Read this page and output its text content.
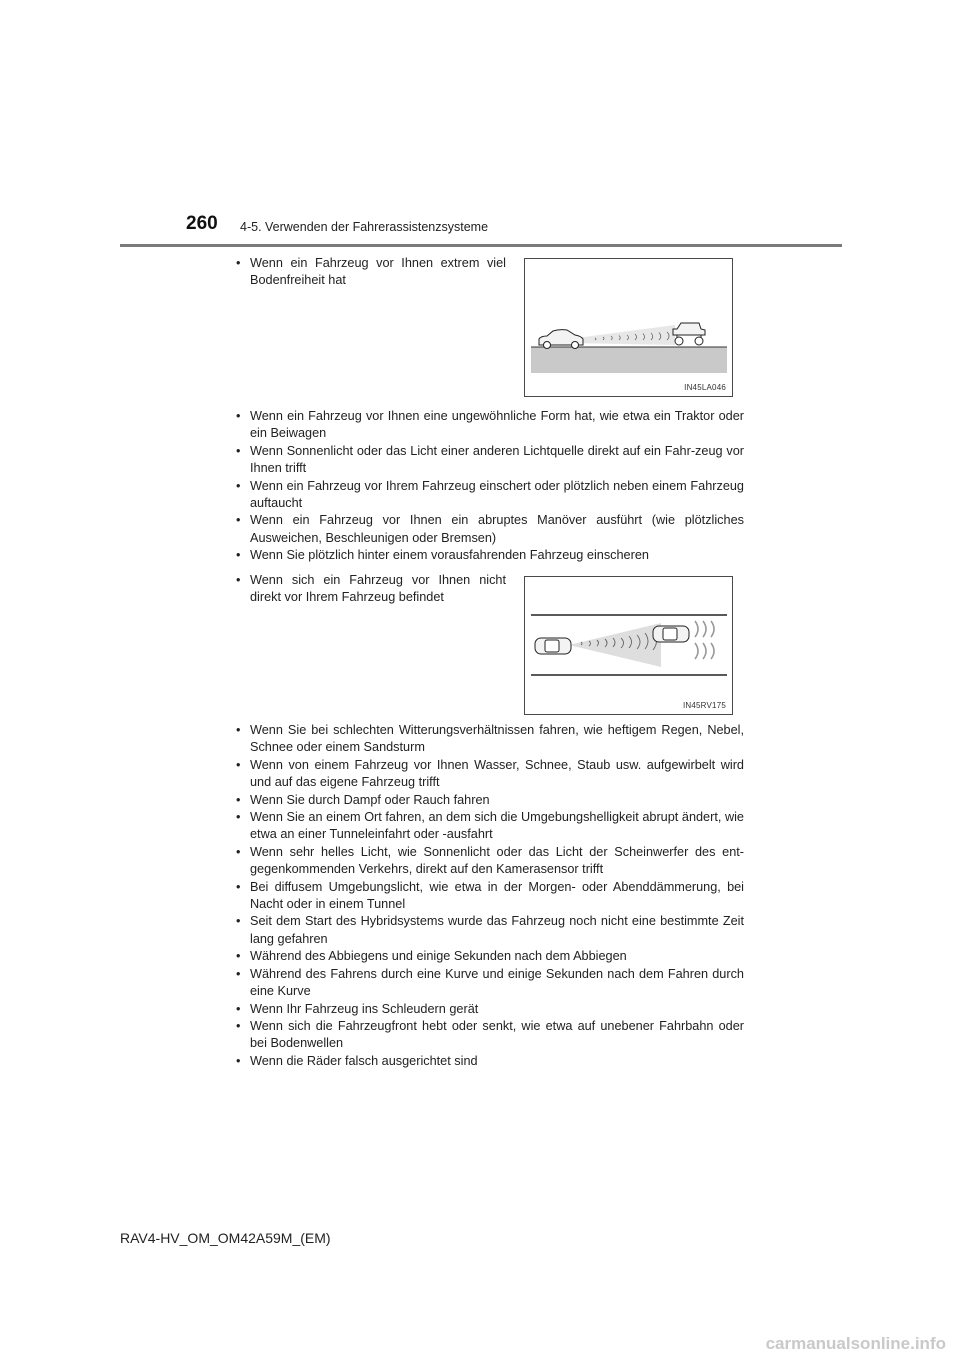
260 4-5. Verwenden der Fahrerassistenzsysteme
• Wenn ein Fahrzeug vor Ihnen extrem viel Bodenfreiheit hat
IN45LA046
• Wenn ein Fahrzeug vor Ihnen eine ungewöhnliche Form hat, wie etwa ein Traktor oder ein Beiwagen
• Wenn Sonnenlicht oder das Licht einer anderen Lichtquelle direkt auf ein Fahr-zeug vor Ihnen trifft
• Wenn ein Fahrzeug vor Ihrem Fahrzeug einschert oder plötzlich neben einem Fahrzeug auftaucht
• Wenn ein Fahrzeug vor Ihnen ein abruptes Manöver ausführt (wie plötzliches Ausweichen, Beschleunigen oder Bremsen)
• Wenn Sie plötzlich hinter einem vorausfahrenden Fahrzeug einscheren
• Wenn sich ein Fahrzeug vor Ihnen nicht direkt vor Ihrem Fahrzeug befindet
IN45RV175
• Wenn Sie bei schlechten Witterungsverhältnissen fahren, wie heftigem Regen, Nebel, Schnee oder einem Sandsturm
• Wenn von einem Fahrzeug vor Ihnen Wasser, Schnee, Staub usw. aufgewirbelt wird und auf das eigene Fahrzeug trifft
• Wenn Sie durch Dampf oder Rauch fahren
• Wenn Sie an einem Ort fahren, an dem sich die Umgebungshelligkeit abrupt ändert, wie etwa an einer Tunneleinfahrt oder -ausfahrt
• Wenn sehr helles Licht, wie Sonnenlicht oder das Licht der Scheinwerfer des ent-gegenkommenden Verkehrs, direkt auf den Kamerasensor trifft
• Bei diffusem Umgebungslicht, wie etwa in der Morgen- oder Abenddämmerung, bei Nacht oder in einem Tunnel
• Seit dem Start des Hybridsystems wurde das Fahrzeug noch nicht eine bestimmte Zeit lang gefahren
• Während des Abbiegens und einige Sekunden nach dem Abbiegen
• Während des Fahrens durch eine Kurve und einige Sekunden nach dem Fahren durch eine Kurve
• Wenn Ihr Fahrzeug ins Schleudern gerät
• Wenn sich die Fahrzeugfront hebt oder senkt, wie etwa auf unebener Fahrbahn oder bei Bodenwellen
• Wenn die Räder falsch ausgerichtet sind
RAV4-HV_OM_OM42A59M_(EM)
carmanualsonline.info
